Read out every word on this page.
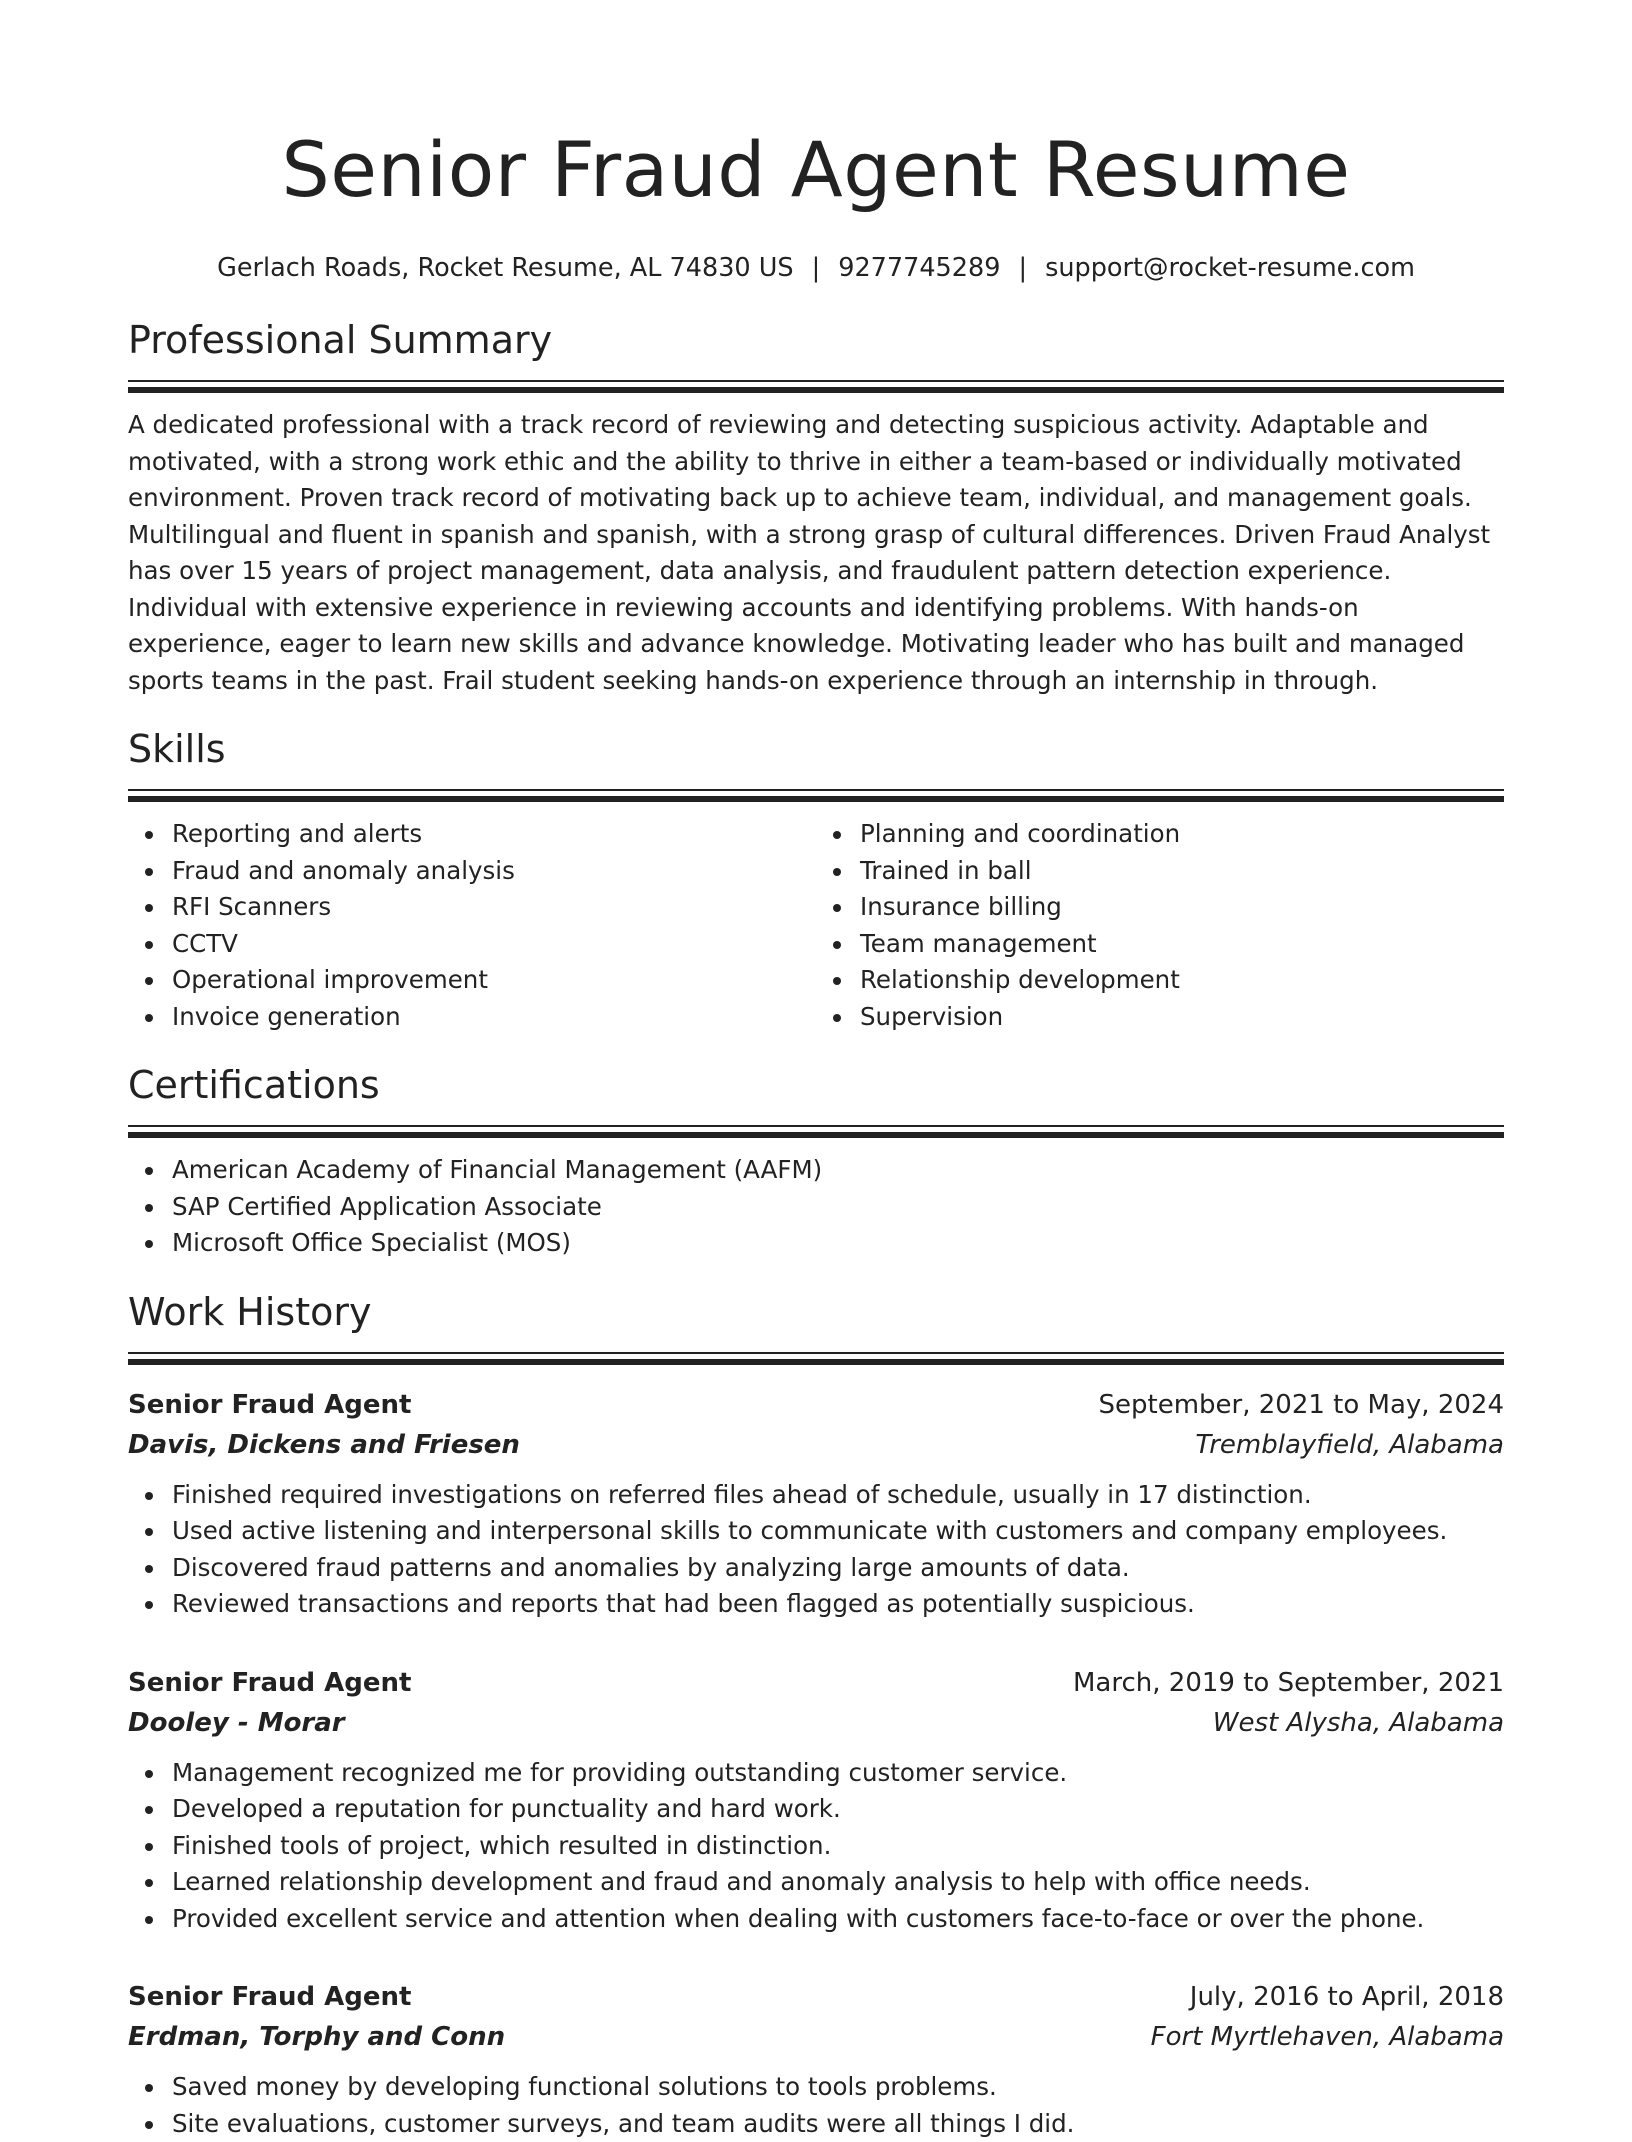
Senior Fraud Agent Resume
Gerlach Roads, Rocket Resume, AL 74830 US | 9277745289 | support@rocket-resume.com
Professional Summary

A dedicated professional with a track record of reviewing and detecting suspicious activity. Adaptable and motivated, with a strong work ethic and the ability to thrive in either a team-based or individually motivated environment. Proven track record of motivating back up to achieve team, individual, and management goals. Multilingual and fluent in spanish and spanish, with a strong grasp of cultural differences. Driven Fraud Analyst has over 15 years of project management, data analysis, and fraudulent pattern detection experience. Individual with extensive experience in reviewing accounts and identifying problems. With hands-on experience, eager to learn new skills and advance knowledge. Motivating leader who has built and managed sports teams in the past. Frail student seeking hands-on experience through an internship in through.

Skills
Reporting and alerts
Fraud and anomaly analysis
RFI Scanners
CCTV
Operational improvement
Invoice generation
Planning and coordination
Trained in ball
Insurance billing
Team management
Relationship development
Supervision
Certifications
American Academy of Financial Management (AAFM)
SAP Certified Application Associate
Microsoft Office Specialist (MOS)
Work History
Senior Fraud Agent	September, 2021 to May, 2024
Davis, Dickens and Friesen	Tremblayfield, Alabama
Finished required investigations on referred files ahead of schedule, usually in 17 distinction.
Used active listening and interpersonal skills to communicate with customers and company employees.
Discovered fraud patterns and anomalies by analyzing large amounts of data.
Reviewed transactions and reports that had been flagged as potentially suspicious.
Senior Fraud Agent	March, 2019 to September, 2021
Dooley - Morar	West Alysha, Alabama
Management recognized me for providing outstanding customer service.
Developed a reputation for punctuality and hard work.
Finished tools of project, which resulted in distinction.
Learned relationship development and fraud and anomaly analysis to help with office needs.
Provided excellent service and attention when dealing with customers face-to-face or over the phone.
Senior Fraud Agent	July, 2016 to April, 2018
Erdman, Torphy and Conn	Fort Myrtlehaven, Alabama
Saved money by developing functional solutions to tools problems.
Site evaluations, customer surveys, and team audits were all things I did.
